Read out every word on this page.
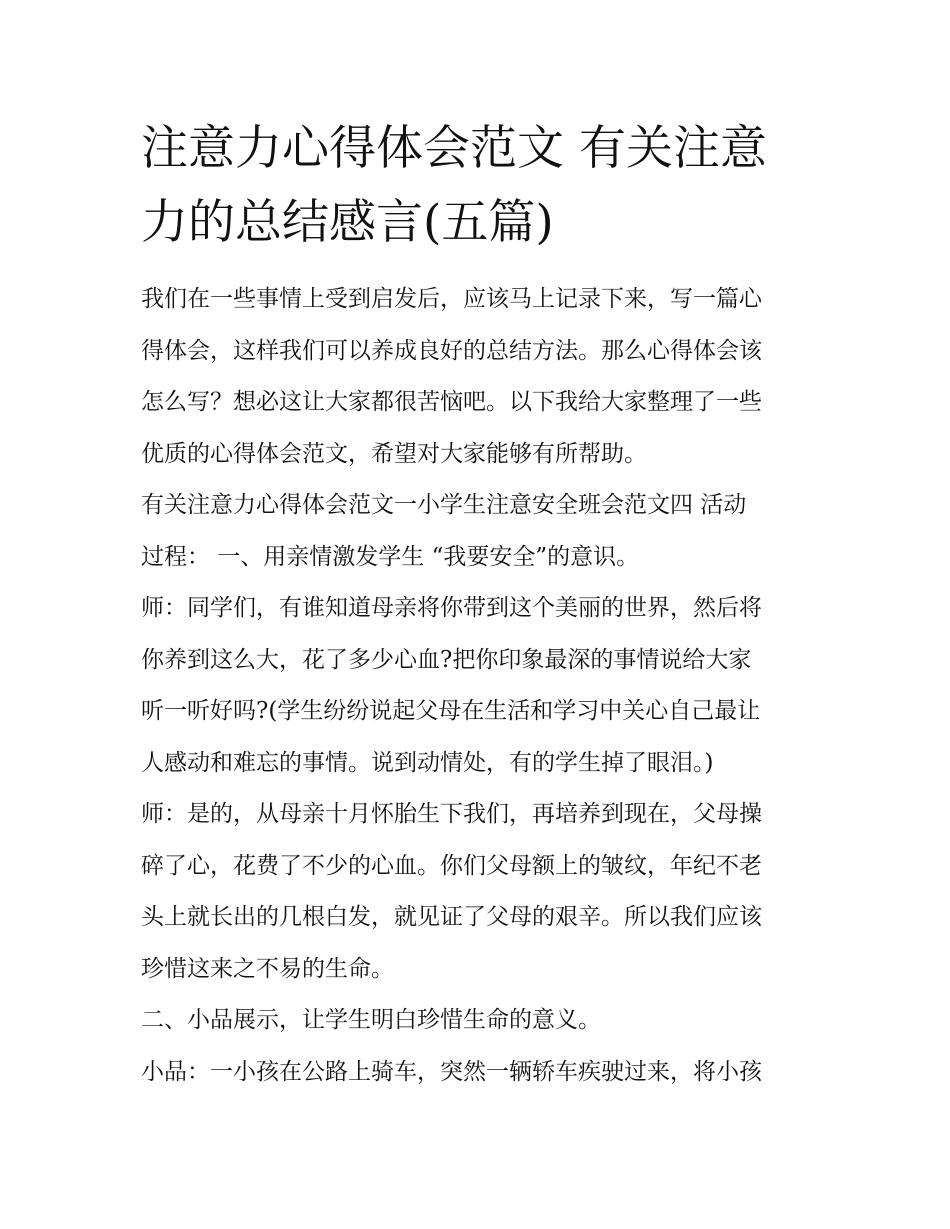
注意力心得体会范文 有关注意
力的总结感言(五篇)

我们在一些事情上受到启发后，应该马上记录下来，写一篇心
得体会，这样我们可以养成良好的总结方法。那么心得体会该
怎么写？想必这让大家都很苦恼吧。以下我给大家整理了一些
优质的心得体会范文，希望对大家能够有所帮助。

有关注意力心得体会范文一小学生注意安全班会范文四 活动
过程： 一、用亲情激发学生 “我要安全”的意识。

师：同学们，有谁知道母亲将你带到这个美丽的世界，然后将
你养到这么大，花了多少心血?把你印象最深的事情说给大家
听一听好吗?(学生纷纷说起父母在生活和学习中关心自己最让
人感动和难忘的事情。说到动情处，有的学生掉了眼泪。)

师：是的，从母亲十月怀胎生下我们，再培养到现在，父母操
碎了心，花费了不少的心血。你们父母额上的皱纹，年纪不老
头上就长出的几根白发，就见证了父母的艰辛。所以我们应该
珍惜这来之不易的生命。

二、小品展示，让学生明白珍惜生命的意义。

小品：一小孩在公路上骑车，突然一辆轿车疾驶过来，将小孩
